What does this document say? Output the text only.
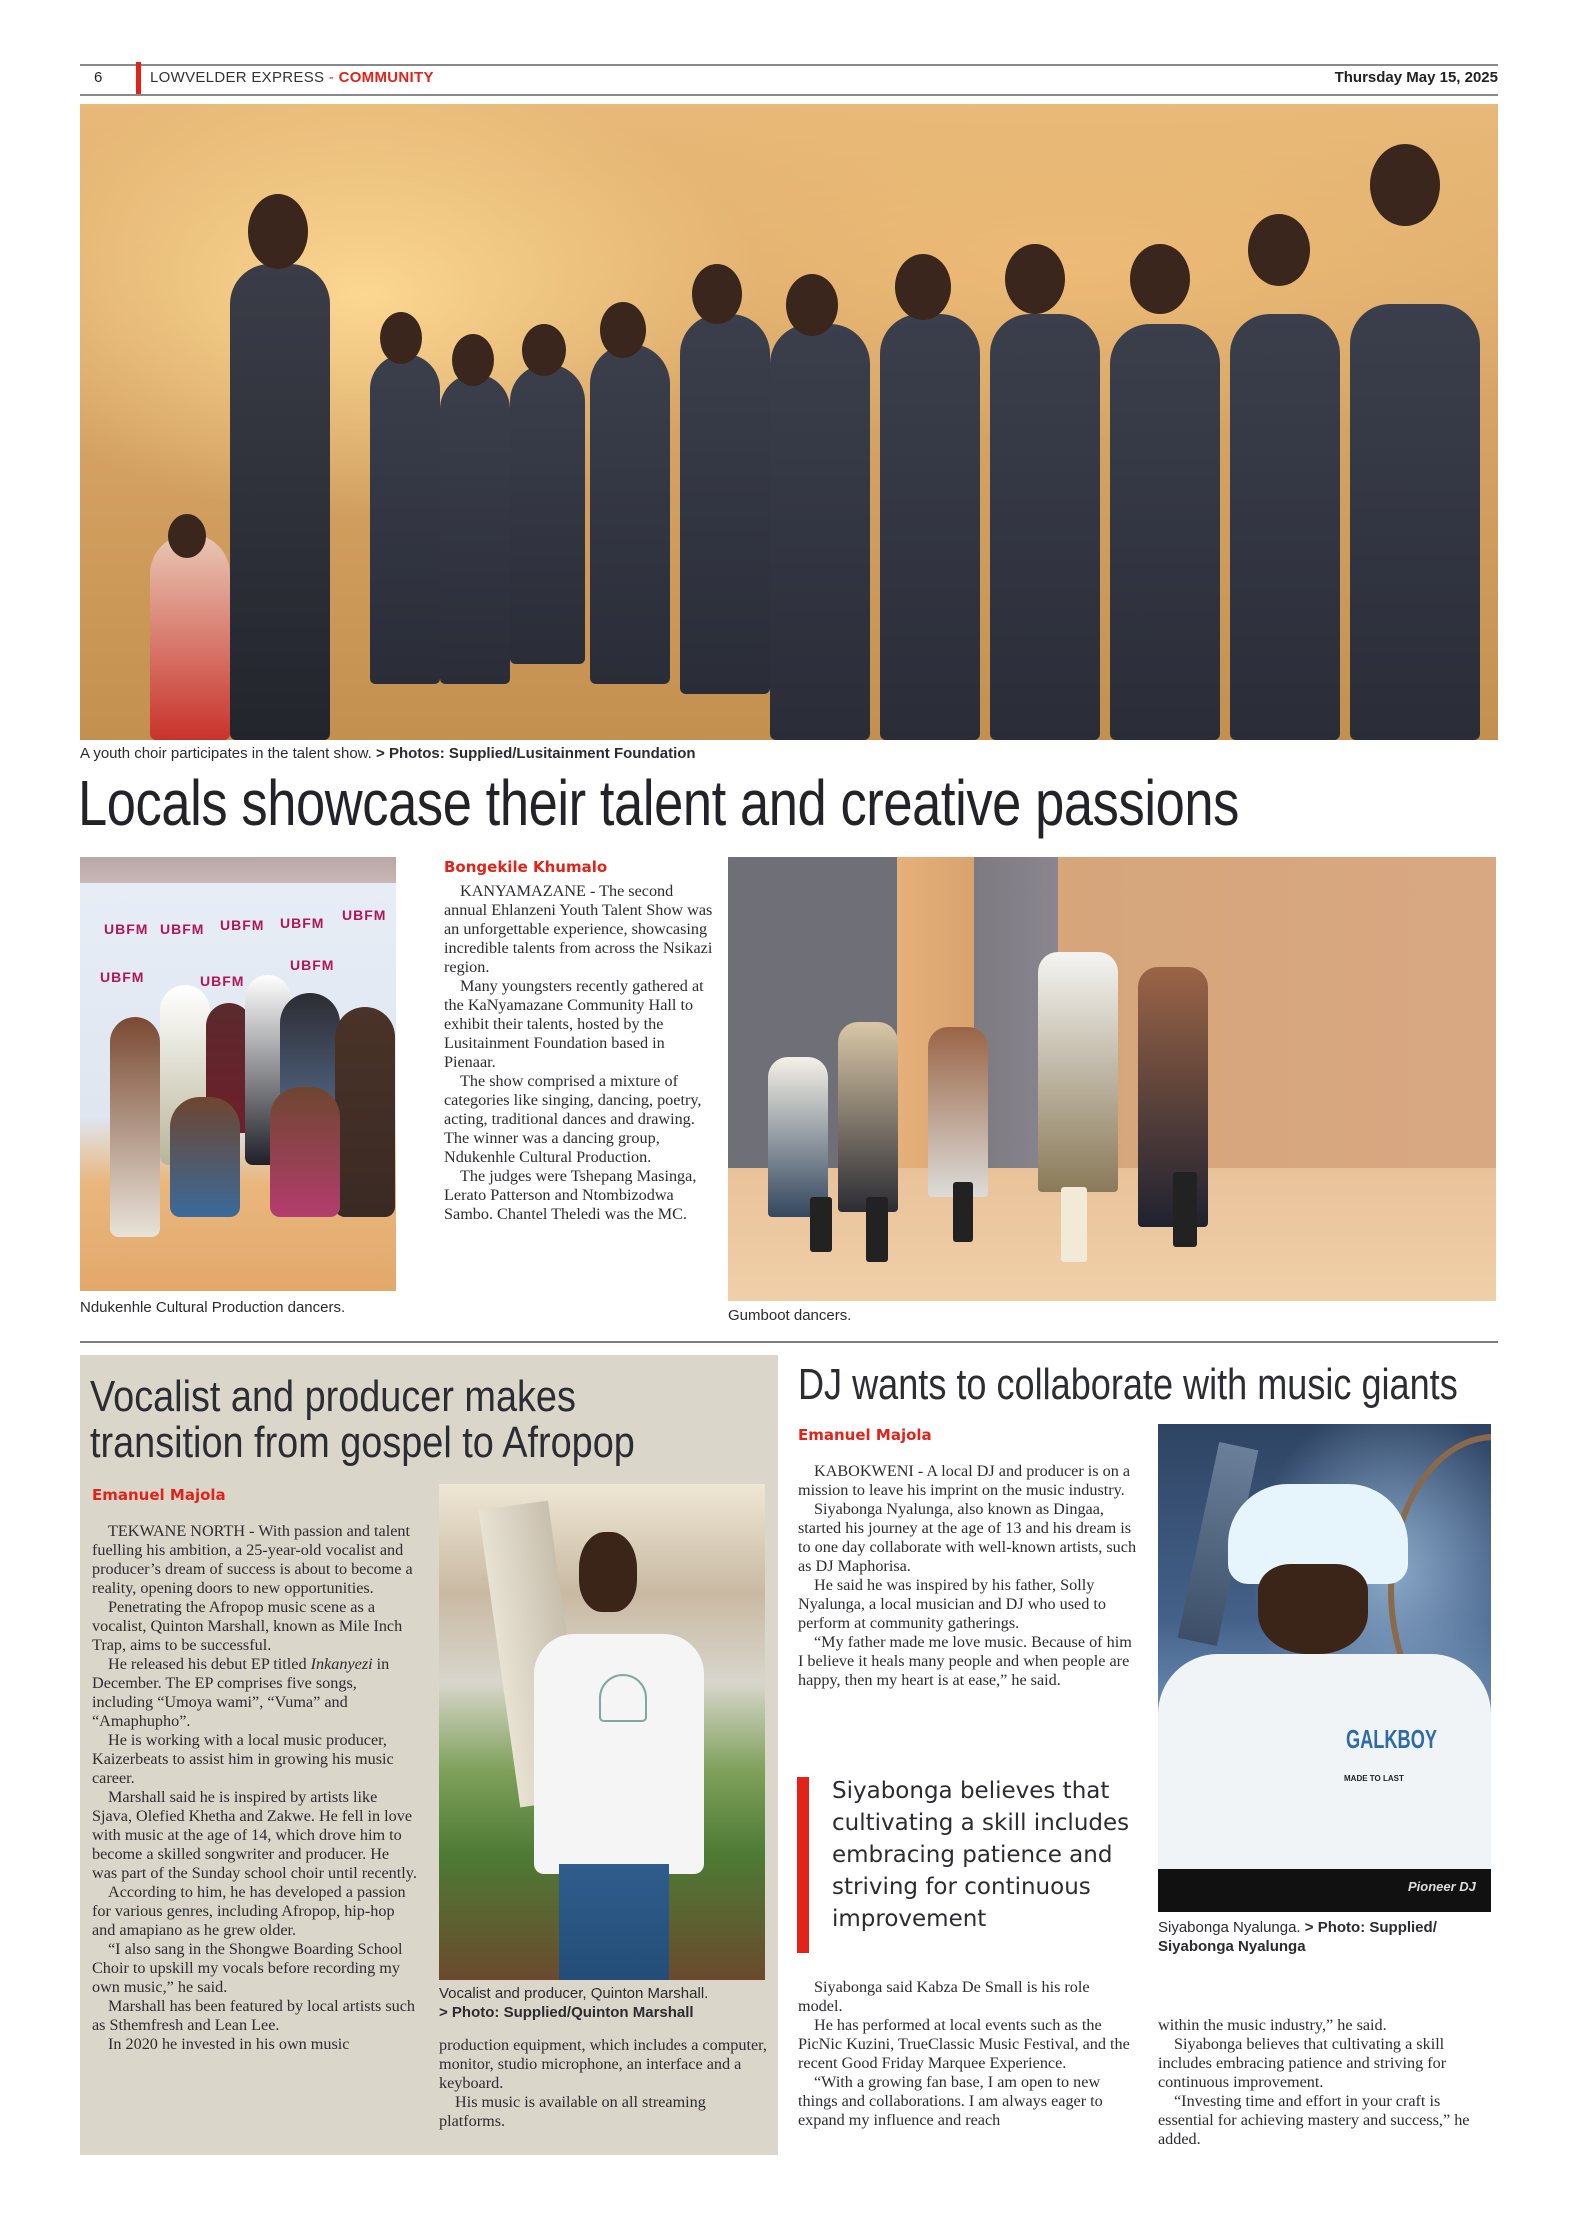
6	LOWVELDER EXPRESS - COMMUNITY	Thursday May 15, 2025
A youth choir participates in the talent show. > Photos: Supplied/Lusitainment Foundation
Locals showcase their talent and creative passions
UBFM UBFM UBFM UBFM UBFM
UBFM	UBFM
UBFM
Ndukenhle Cultural Production dancers.
Bongekile Khumalo

KANYAMAZANE - The second annual Ehlanzeni Youth Talent Show was an unforgettable experience, showcasing incredible talents from across the Nsikazi region.

Many youngsters recently gathered at the KaNyamazane Community Hall to exhibit their talents, hosted by the Lusitainment Foundation based in Pienaar.

The show comprised a mixture of categories like singing, dancing, poetry, acting, traditional dances and drawing. The winner was a dancing group, Ndukenhle Cultural Production.

The judges were Tshepang Masinga, Lerato Patterson and Ntombizodwa Sambo. Chantel Theledi was the MC.

Gumboot dancers.
Vocalist and producer makes
transition from gospel to Afropop
Emanuel Majola

TEKWANE NORTH - With passion and talent fuelling his ambition, a 25-year-old vocalist and producer’s dream of success is about to become a reality, opening doors to new opportunities.

Penetrating the Afropop music scene as a vocalist, Quinton Marshall, known as Mile Inch Trap, aims to be successful.

He released his debut EP titled Inkanyezi in December. The EP comprises five songs, including “Umoya wami”, “Vuma” and “Amaphupho”.

He is working with a local music producer, Kaizerbeats to assist him in growing his music career.

Marshall said he is inspired by artists like Sjava, Olefied Khetha and Zakwe. He fell in love with music at the age of 14, which drove him to become a skilled songwriter and producer. He was part of the Sunday school choir until recently.

According to him, he has developed a passion for various genres, including Afropop, hip-hop and amapiano as he grew older.

“I also sang in the Shongwe Boarding School Choir to upskill my vocals before recording my own music,” he said.

Marshall has been featured by local artists such as Sthemfresh and Lean Lee.

In 2020 he invested in his own music

Vocalist and producer, Quinton Marshall.
> Photo: Supplied/Quinton Marshall

production equipment, which includes a computer, monitor, studio microphone, an interface and a keyboard.

His music is available on all streaming platforms.

DJ wants to collaborate with music giants
Emanuel Majola

KABOKWENI - A local DJ and producer is on a mission to leave his imprint on the music industry.

Siyabonga Nyalunga, also known as Dingaa, started his journey at the age of 13 and his dream is to one day collaborate with well-known artists, such as DJ Maphorisa.

He said he was inspired by his father, Solly Nyalunga, a local musician and DJ who used to perform at community gatherings.

“My father made me love music. Because of him I believe it heals many people and when people are happy, then my heart is at ease,” he said.

Siyabonga believes that cultivating a skill includes embracing patience and striving for continuous improvement

Siyabonga said Kabza De Small is his role model.

He has performed at local events such as the PicNic Kuzini, TrueClassic Music Festival, and the recent Good Friday Marquee Experience.

“With a growing fan base, I am open to new things and collaborations. I am always eager to expand my influence and reach

GALKBOY
MADE TO LAST
Pioneer DJ
Siyabonga Nyalunga. > Photo: Supplied/ Siyabonga Nyalunga

within the music industry,” he said.

Siyabonga believes that cultivating a skill includes embracing patience and striving for continuous improvement.

“Investing time and effort in your craft is essential for achieving mastery and success,” he added.
